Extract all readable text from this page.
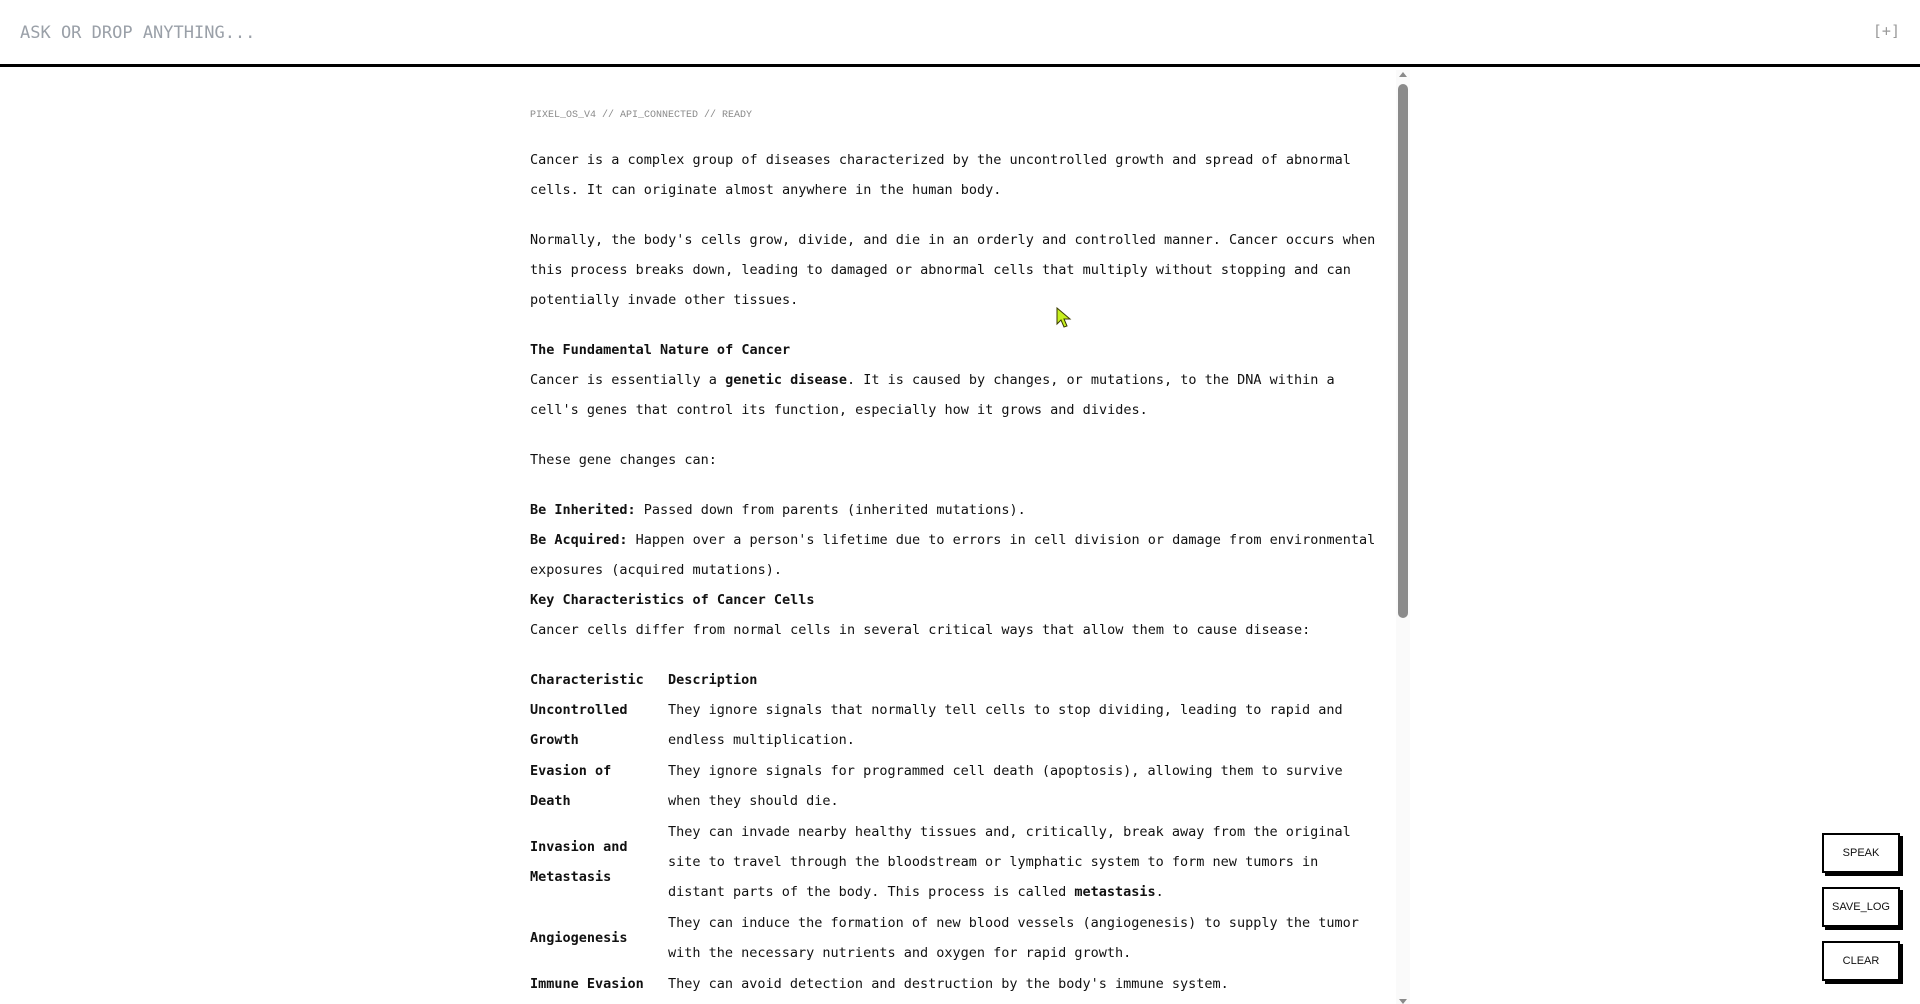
ASK OR DROP ANYTHING...
[+]
PIXEL_OS_V4 // API_CONNECTED // READY

Cancer is a complex group of diseases characterized by the uncontrolled growth and spread of abnormal cells. It can originate almost anywhere in the human body.

Normally, the body's cells grow, divide, and die in an orderly and controlled manner. Cancer occurs when this process breaks down, leading to damaged or abnormal cells that multiply without stopping and can potentially invade other tissues.

The Fundamental Nature of Cancer

Cancer is essentially a genetic disease. It is caused by changes, or mutations, to the DNA within a cell's genes that control its function, especially how it grows and divides.

These gene changes can:

Be Inherited: Passed down from parents (inherited mutations).
Be Acquired: Happen over a person's lifetime due to errors in cell division or damage from environmental exposures (acquired mutations).
Key Characteristics of Cancer Cells
Cancer cells differ from normal cells in several critical ways that allow them to cause disease:
Characteristic	Description
Uncontrolled Growth	They ignore signals that normally tell cells to stop dividing, leading to rapid and endless multiplication.
Evasion of Death	They ignore signals for programmed cell death (apoptosis), allowing them to survive when they should die.
Invasion and Metastasis	They can invade nearby healthy tissues and, critically, break away from the original site to travel through the bloodstream or lymphatic system to form new tumors in distant parts of the body. This process is called metastasis.
Angiogenesis	They can induce the formation of new blood vessels (angiogenesis) to supply the tumor with the necessary nutrients and oxygen for rapid growth.
Immune Evasion	They can avoid detection and destruction by the body's immune system.
SPEAK
SAVE_LOG
CLEAR
